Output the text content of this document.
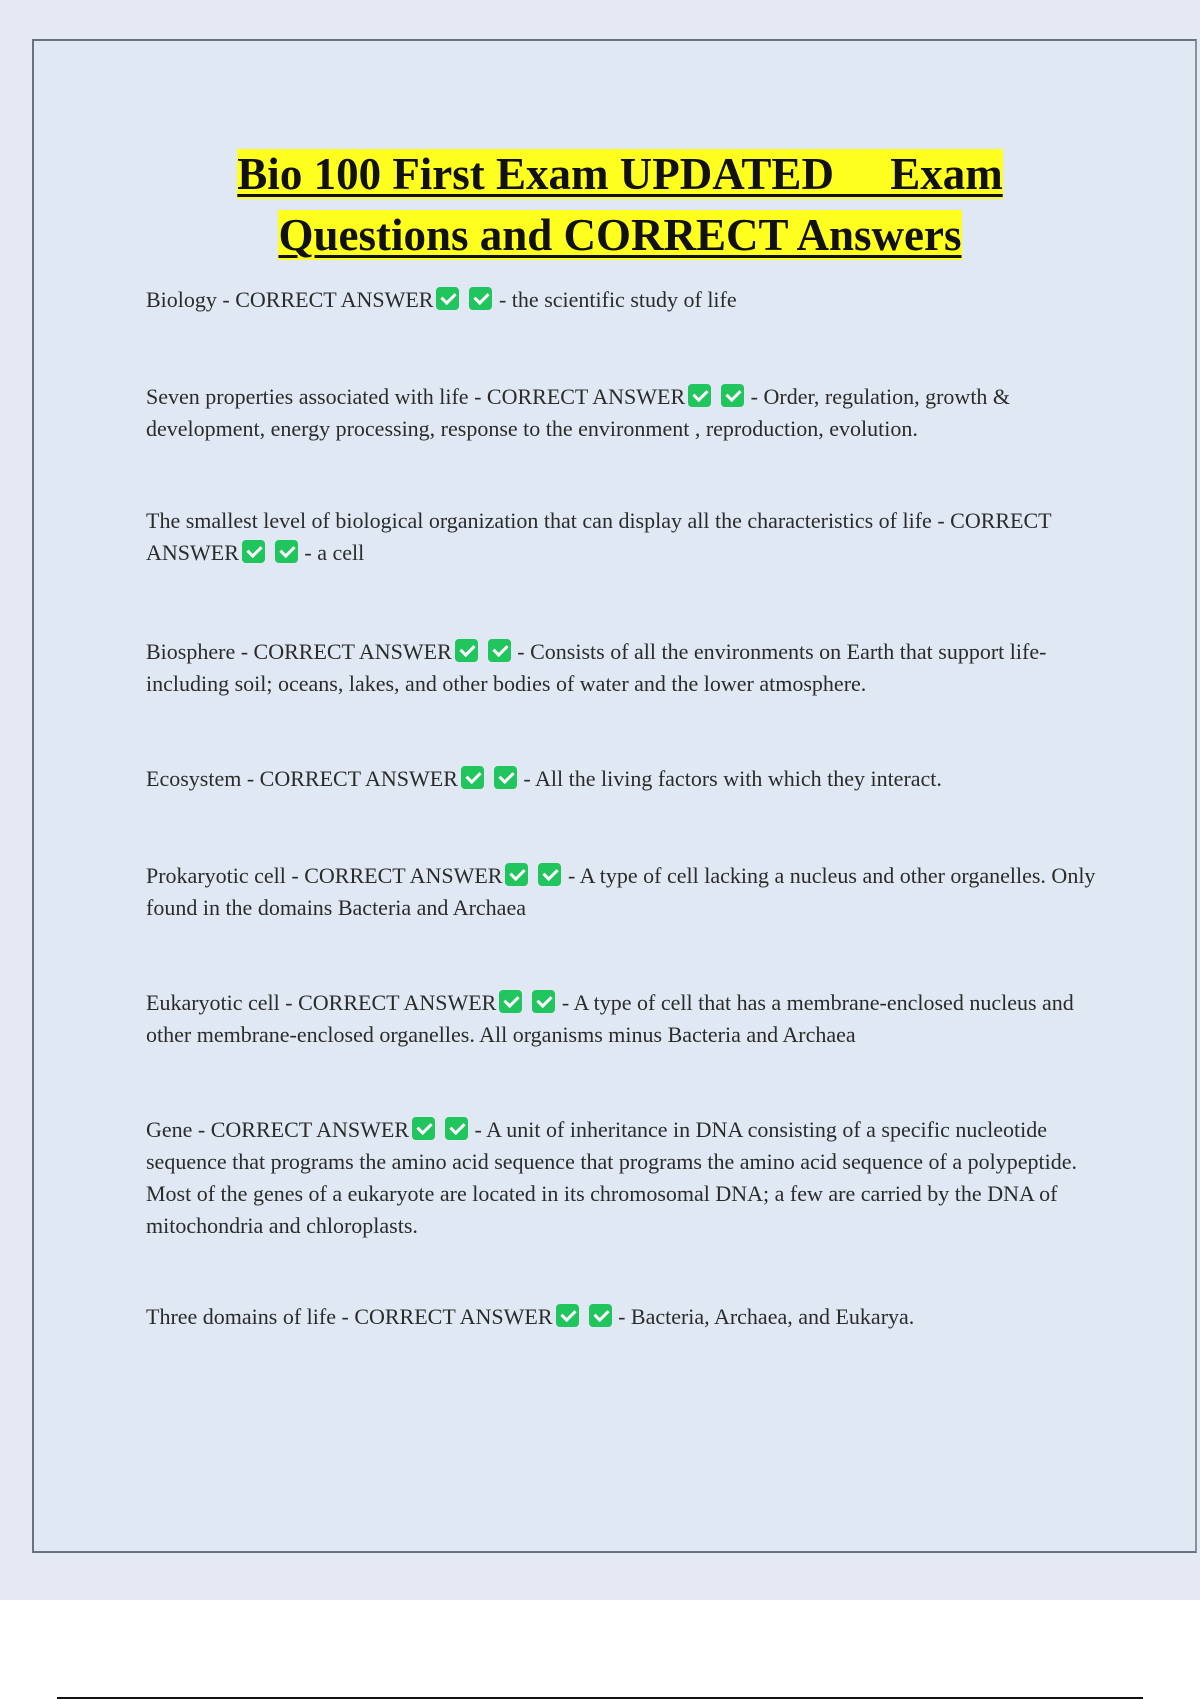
Bio 100 First Exam UPDATED     Exam
Questions and CORRECT Answers

Biology - CORRECT ANSWER	- the scientific study of life

Seven properties associated with life - CORRECT ANSWER	- Order, regulation, growth & development, energy processing, response to the environment , reproduction, evolution.

The smallest level of biological organization that can display all the characteristics of life - CORRECT ANSWER	- a cell

Biosphere - CORRECT ANSWER	- Consists of all the environments on Earth that support life-including soil; oceans, lakes, and other bodies of water and the lower atmosphere.

Ecosystem - CORRECT ANSWER	- All the living factors with which they interact.

Prokaryotic cell - CORRECT ANSWER	- A type of cell lacking a nucleus and other organelles. Only found in the domains Bacteria and Archaea

Eukaryotic cell - CORRECT ANSWER	- A type of cell that has a membrane-enclosed nucleus and other membrane-enclosed organelles. All organisms minus Bacteria and Archaea

Gene - CORRECT ANSWER	- A unit of inheritance in DNA consisting of a specific nucleotide sequence that programs the amino acid sequence that programs the amino acid sequence of a polypeptide. Most of the genes of a eukaryote are located in its chromosomal DNA; a few are carried by the DNA of mitochondria and chloroplasts.

Three domains of life - CORRECT ANSWER	- Bacteria, Archaea, and Eukarya.
